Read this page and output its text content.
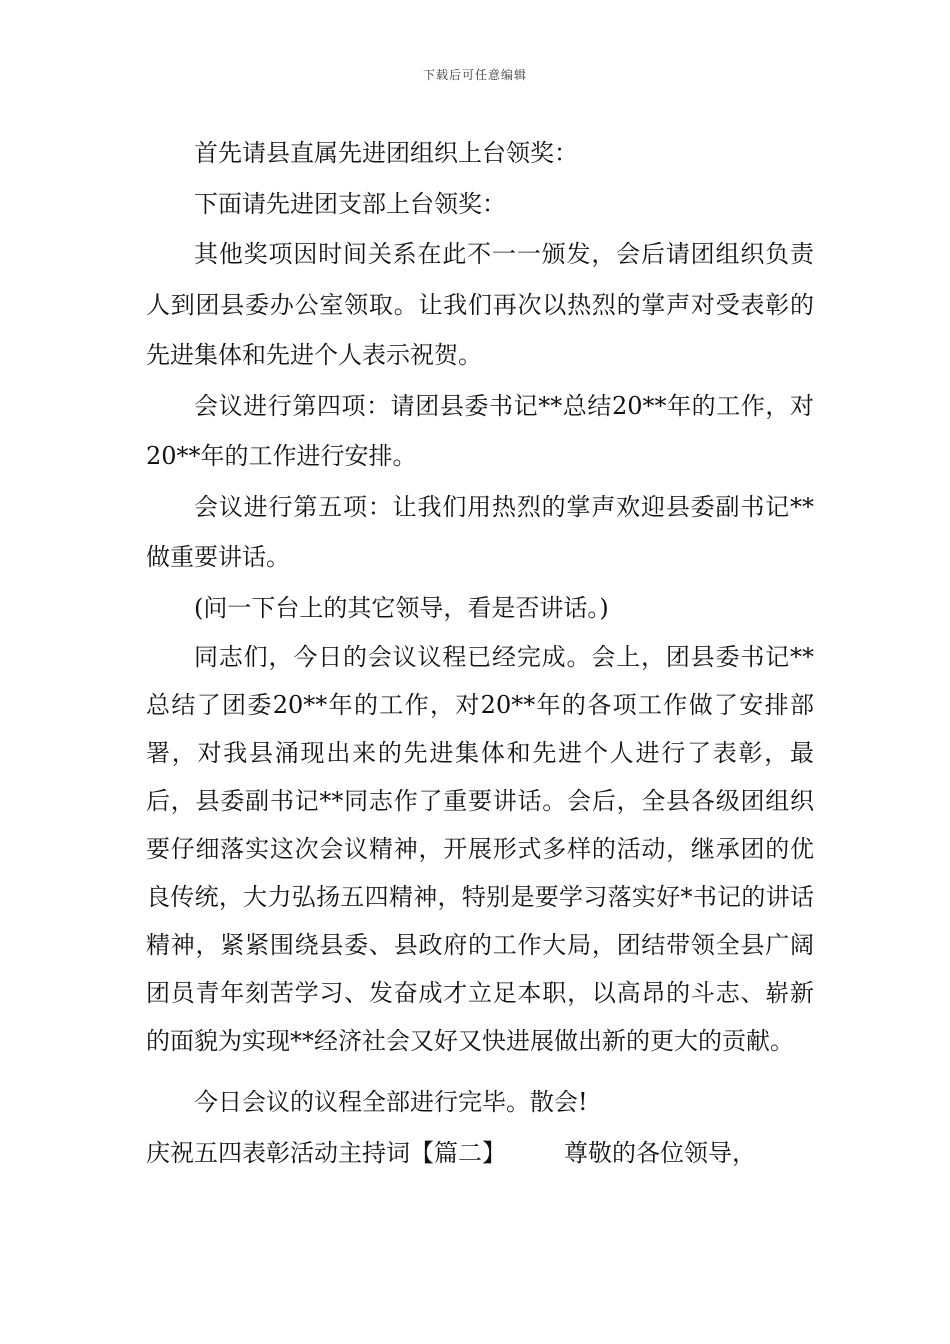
下载后可任意编辑

首先请县直属先进团组织上台领奖：

下面请先进团支部上台领奖：

其他奖项因时间关系在此不一一颁发，会后请团组织负责人到团县委办公室领取。让我们再次以热烈的掌声对受表彰的先进集体和先进个人表示祝贺。

会议进行第四项：请团县委书记**总结20**年的工作，对20**年的工作进行安排。

会议进行第五项：让我们用热烈的掌声欢迎县委副书记**做重要讲话。

(问一下台上的其它领导，看是否讲话。)

同志们，今日的会议议程已经完成。会上，团县委书记**总结了团委20**年的工作，对20**年的各项工作做了安排部署，对我县涌现出来的先进集体和先进个人进行了表彰，最后，县委副书记**同志作了重要讲话。会后，全县各级团组织要仔细落实这次会议精神，开展形式多样的活动，继承团的优良传统，大力弘扬五四精神，特别是要学习落实好*书记的讲话精神，紧紧围绕县委、县政府的工作大局，团结带领全县广阔团员青年刻苦学习、发奋成才立足本职，以高昂的斗志、崭新的面貌为实现**经济社会又好又快进展做出新的更大的贡献。

今日会议的议程全部进行完毕。散会!

庆祝五四表彰活动主持词【篇二】 尊敬的各位领导，
